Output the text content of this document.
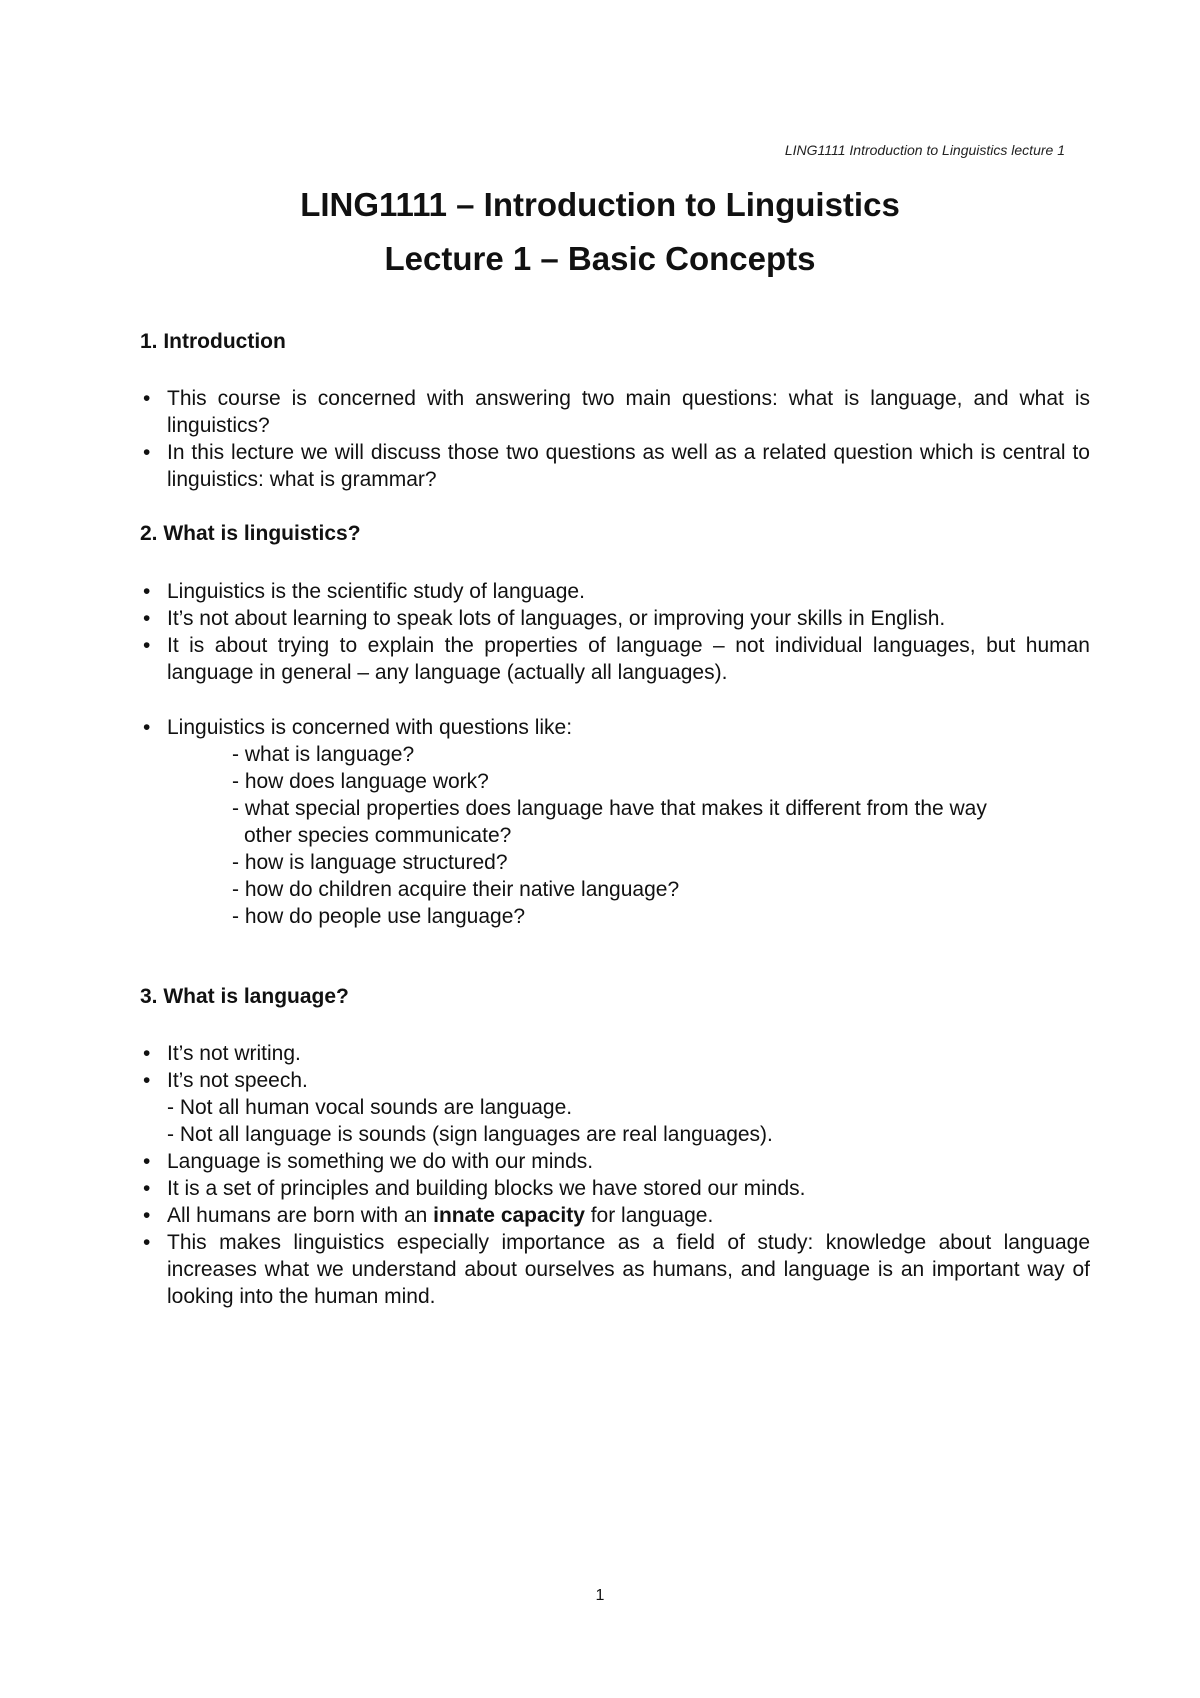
LING1111 Introduction to Linguistics lecture 1
LING1111 – Introduction to Linguistics
Lecture 1 – Basic Concepts
1. Introduction
• This course is concerned with answering two main questions: what is language, and what is linguistics?
• In this lecture we will discuss those two questions as well as a related question which is central to linguistics: what is grammar?
2. What is linguistics?
• Linguistics is the scientific study of language.
• It’s not about learning to speak lots of languages, or improving your skills in English.
• It is about trying to explain the properties of language – not individual languages, but human language in general – any language (actually all languages).
• Linguistics is concerned with questions like:
- what is language?
- how does language work?
- what special properties does language have that makes it different from the way
other species communicate?
- how is language structured?
- how do children acquire their native language?
- how do people use language?
3. What is language?
• It’s not writing.
• It’s not speech.
- Not all human vocal sounds are language.
- Not all language is sounds (sign languages are real languages).
• Language is something we do with our minds.
• It is a set of principles and building blocks we have stored our minds.
• All humans are born with an innate capacity for language.
• This makes linguistics especially importance as a field of study: knowledge about language increases what we understand about ourselves as humans, and language is an important way of looking into the human mind.
1
